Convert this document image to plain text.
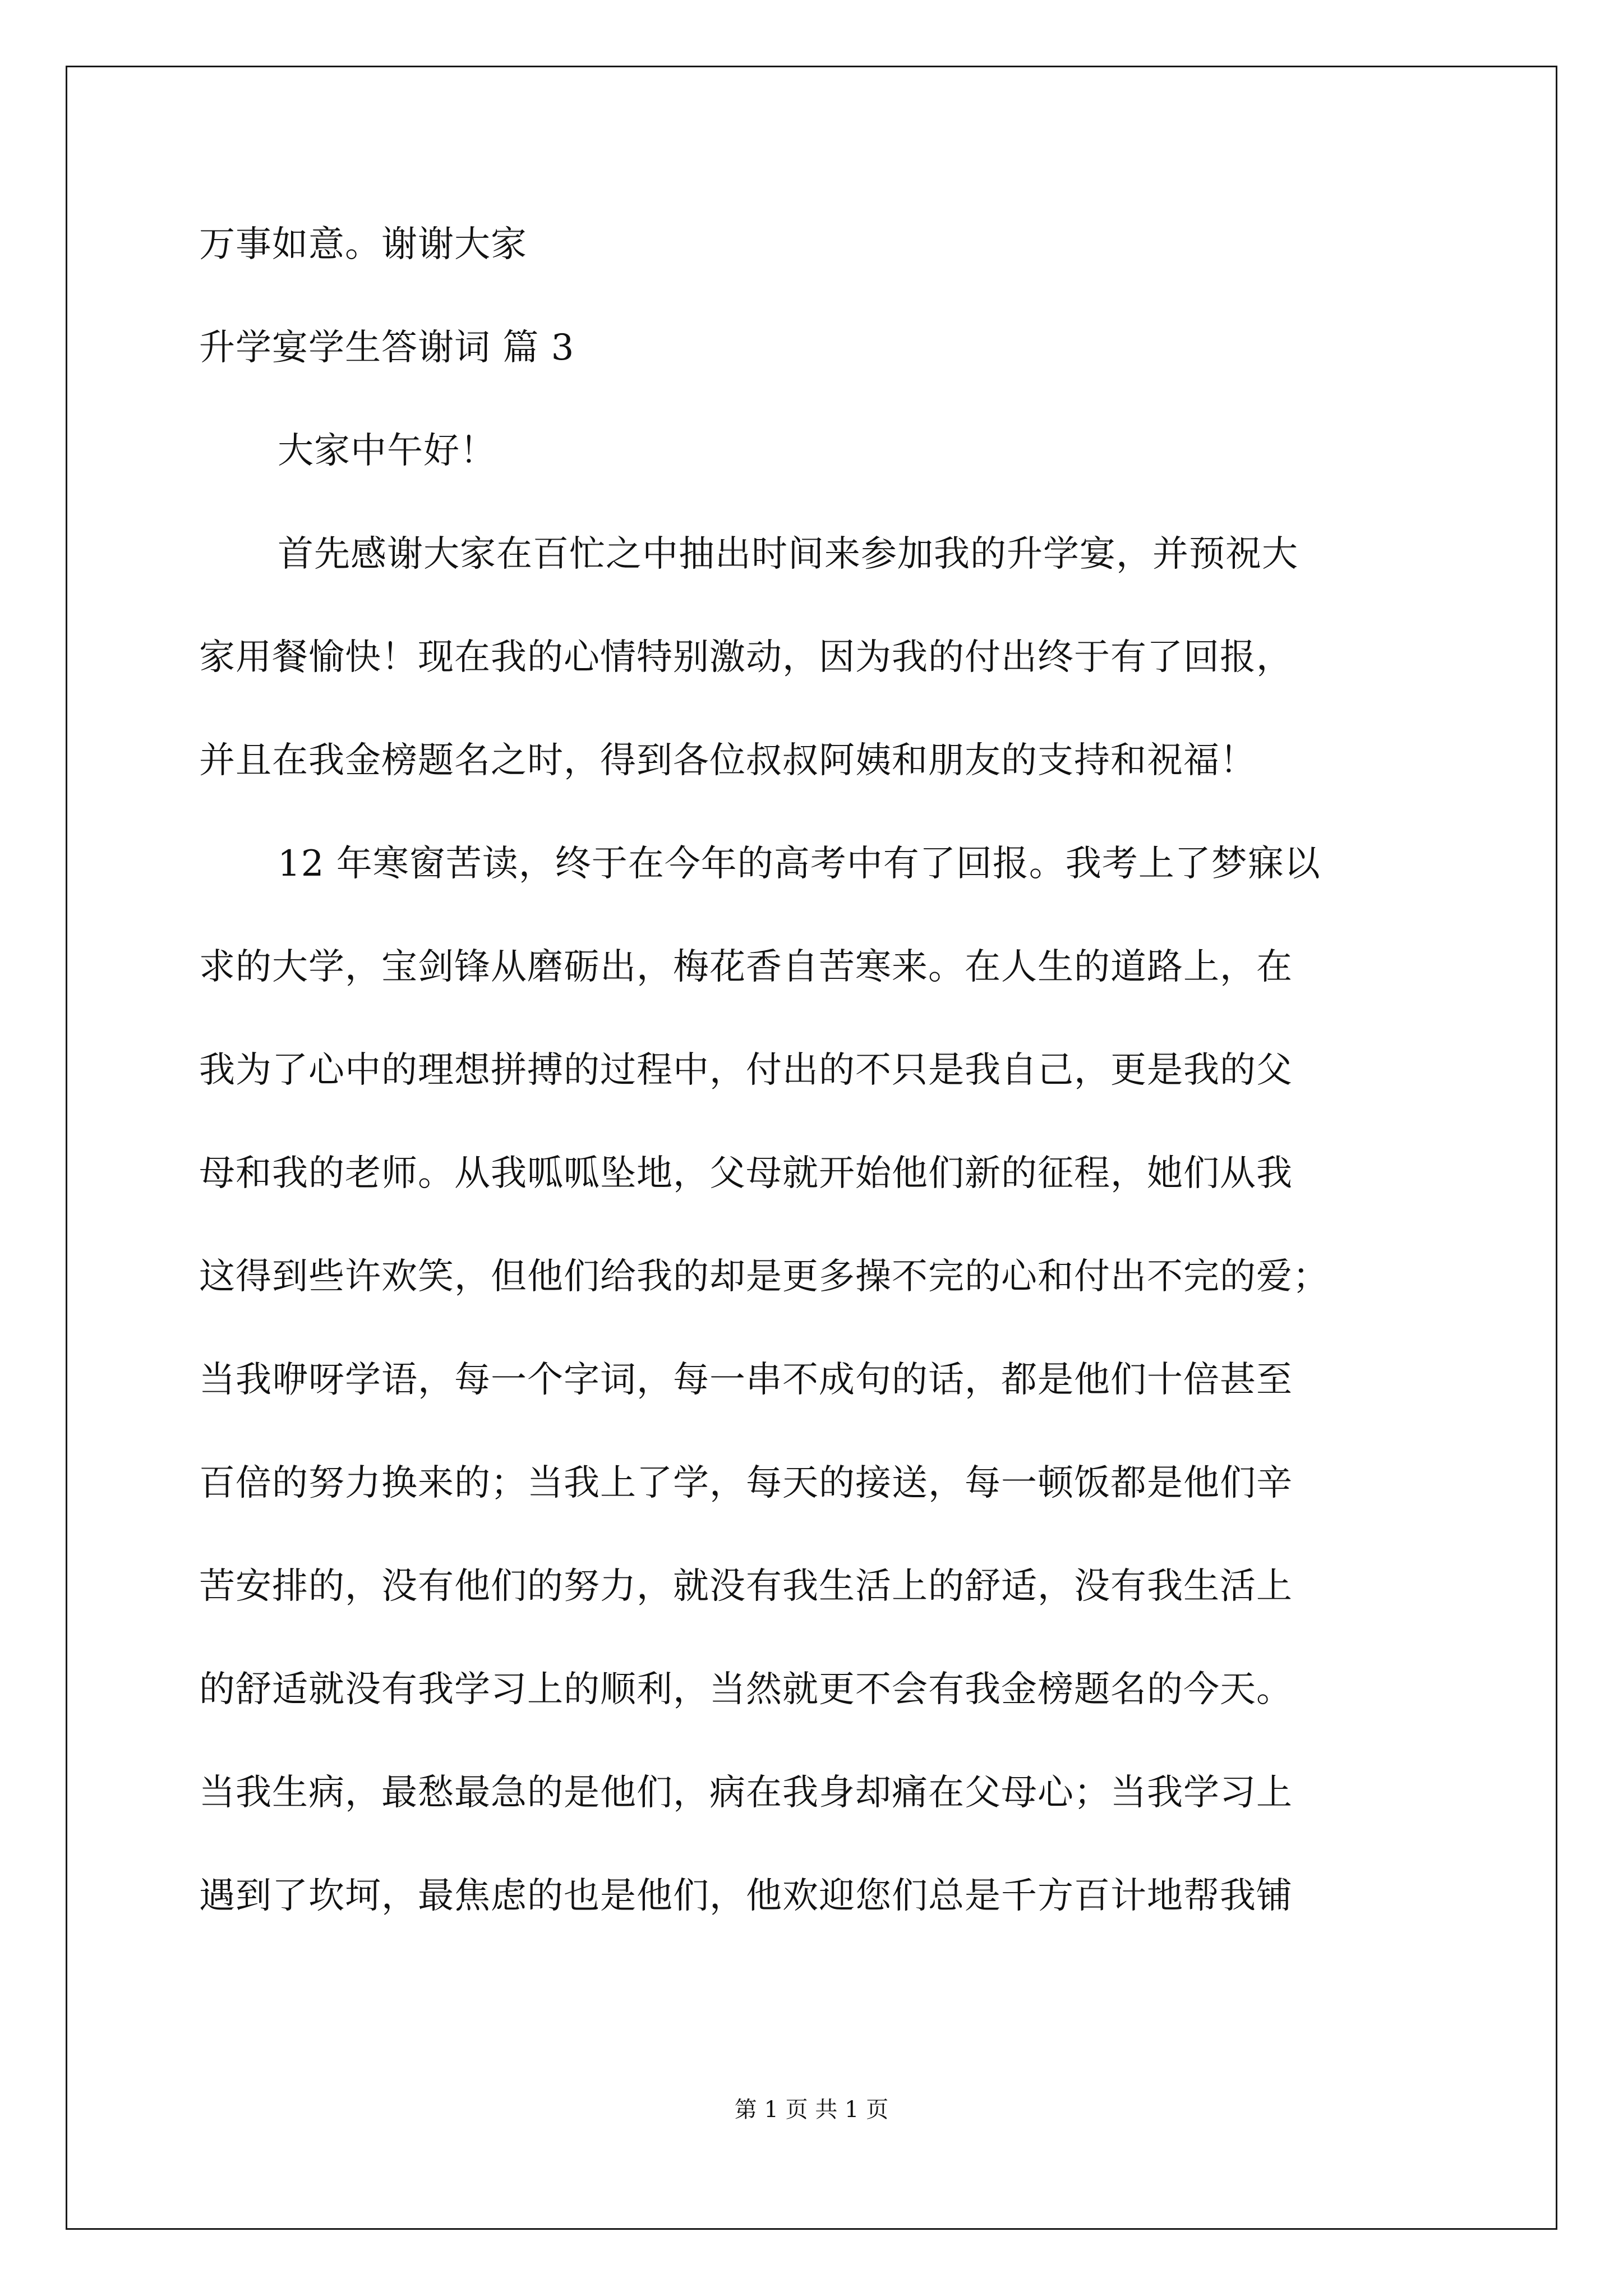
万事如意。谢谢大家
升学宴学生答谢词 篇 3
大家中午好！
首先感谢大家在百忙之中抽出时间来参加我的升学宴，并预祝大
家用餐愉快！现在我的心情特别激动，因为我的付出终于有了回报，
并且在我金榜题名之时，得到各位叔叔阿姨和朋友的支持和祝福！
12 年寒窗苦读，终于在今年的高考中有了回报。我考上了梦寐以
求的大学，宝剑锋从磨砺出，梅花香自苦寒来。在人生的道路上，在
我为了心中的理想拼搏的过程中，付出的不只是我自己，更是我的父
母和我的老师。从我呱呱坠地，父母就开始他们新的征程，她们从我
这得到些许欢笑，但他们给我的却是更多操不完的心和付出不完的爱；
当我咿呀学语，每一个字词，每一串不成句的话，都是他们十倍甚至
百倍的努力换来的；当我上了学，每天的接送，每一顿饭都是他们辛
苦安排的，没有他们的努力，就没有我生活上的舒适，没有我生活上
的舒适就没有我学习上的顺利，当然就更不会有我金榜题名的今天。
当我生病，最愁最急的是他们，病在我身却痛在父母心；当我学习上
遇到了坎坷，最焦虑的也是他们，他欢迎您们总是千方百计地帮我铺
第 1 页 共 1 页
